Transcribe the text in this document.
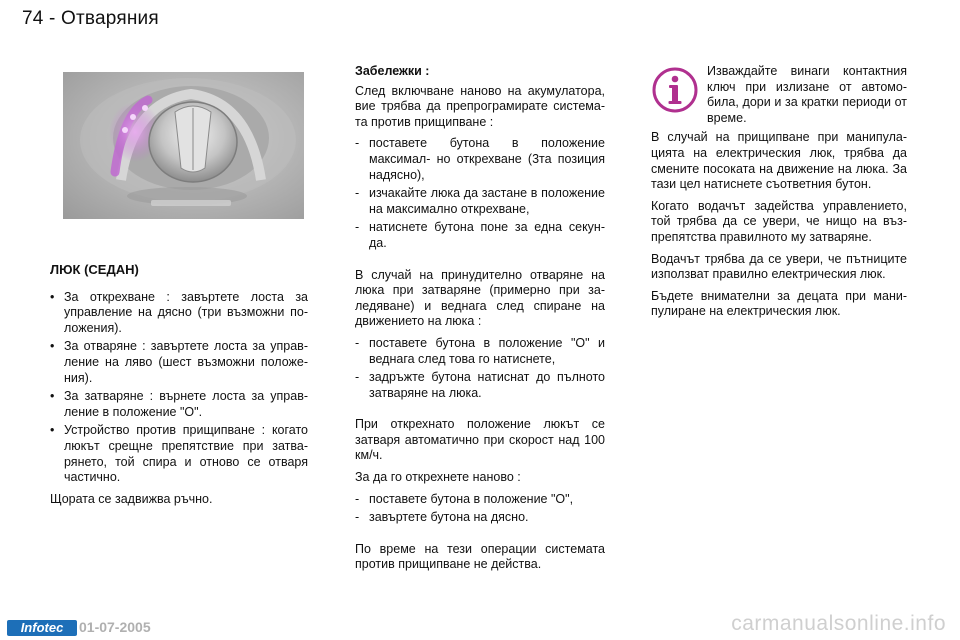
74 - Отваряния
ЛЮК (СЕДАН)
• За открехване : завъртете лоста за управление на дясно (три възможни по- ложения).
• За отваряне : завъртете лоста за управ- ление на ляво (шест възможни положе- ния).
• За затваряне : върнете лоста за управ- ление в положение "O".
• Устройство против прищипване : когато люкът срещне препятствие при затва- рянето, той спира и отново се отваря частично.

Щората се задвижва ръчно.

Забележки :

След включване наново на акумулатора, вие трябва да препрограмирате система- та против прищипване :

- поставете бутона в положение максимал- но открехване (3та позиция надясно),
- изчакайте люка да застане в положение на максимално открехване,
- натиснете бутона поне за една секун- да.

В случай на принудително отваряне на люка при затваряне (примерно при за- ледяване) и веднага след спиране на движението на люка :

- поставете бутона в положение "O" и веднага след това го натиснете,
- задръжте бутона натиснат до пълното затваряне на люка.

При открехнато положение люкът се затваря автоматично при скорост над 100 км/ч.

За да го открехнете наново :

- поставете бутона в положение "O",
- завъртете бутона на дясно.

По време на тези операции системата против прищипване не действа.

Изваждайте винаги контактния ключ при излизане от автомо- била, дори и за кратки периоди от време.

В случай на прищипване при манипула- цията на електрическия люк, трябва да смените посоката на движение на люка. За тази цел натиснете съответния бутон.

Когато водачът задейства управлението, той трябва да се увери, че нищо на въз- препятства правилното му затваряне.

Водачът трябва да се увери, че пътниците използват правилно електрическия люк.

Бъдете внимателни за децата при мани- пулиране на електрическия люк.

Infotec	01-07-2005	carmanualsonline.info
